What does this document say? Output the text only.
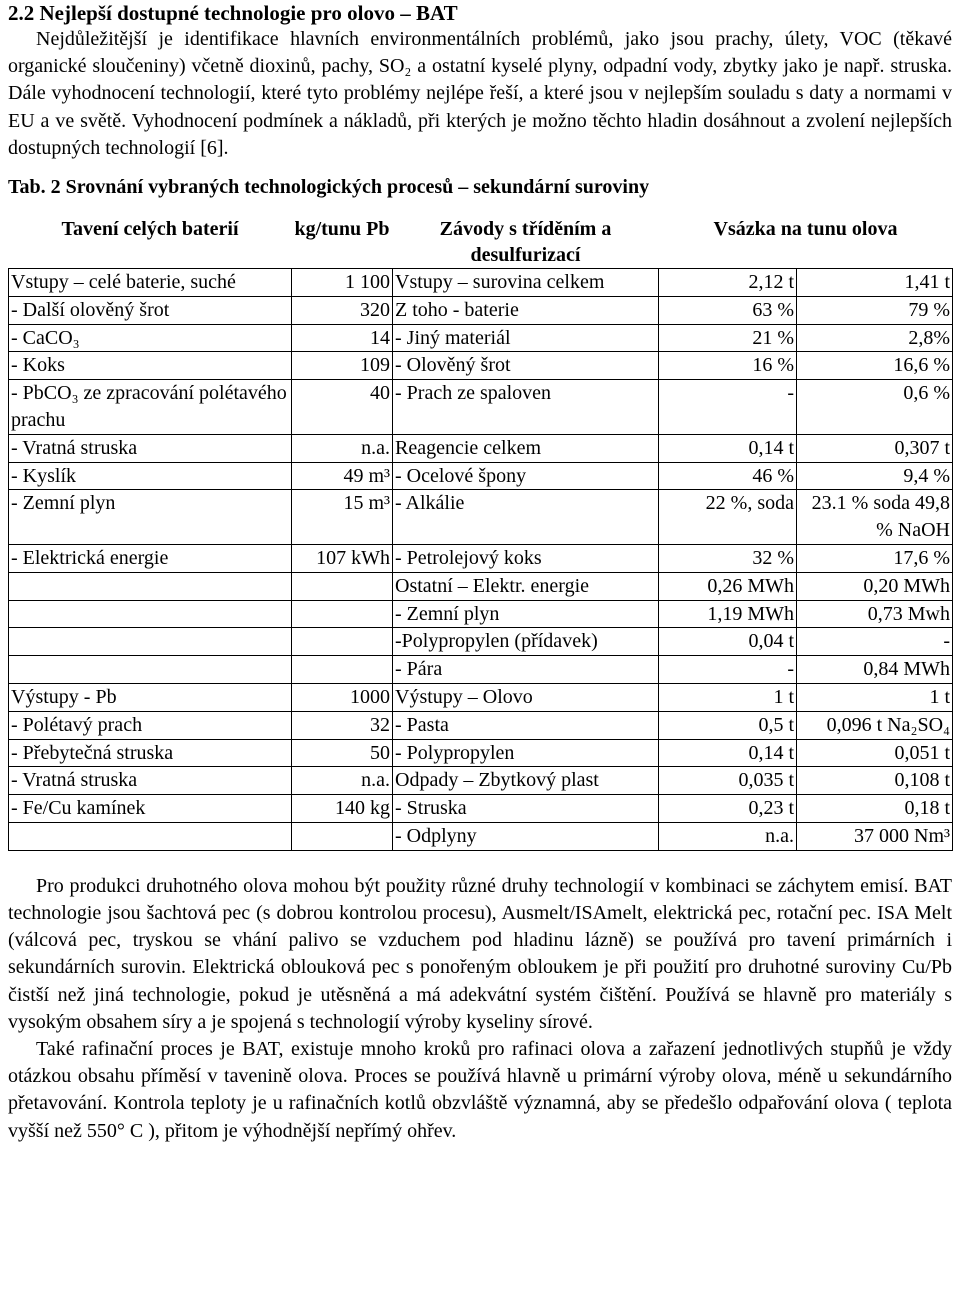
2.2 Nejlepší dostupné technologie pro olovo – BAT
Nejdůležitější je identifikace hlavních environmentálních problémů, jako jsou prachy, úlety, VOC (těkavé organické sloučeniny) včetně dioxinů, pachy, SO₂ a ostatní kyselé plyny, odpadní vody, zbytky jako je např. struska. Dále vyhodnocení technologií, které tyto problémy nejlépe řeší, a které jsou v nejlepším souladu s daty a normami v EU a ve světě. Vyhodnocení podmínek a nákladů, při kterých je možno těchto hladin dosáhnout a zvolení nejlepších dostupných technologií [6].
Tab. 2 Srovnání vybraných technologických procesů – sekundární suroviny
Tavení celých baterií	kg/tunu Pb	Závody s tříděním a desulfurizací	Vsázka na tunu olova	
Vstupy – celé baterie, suché	1 100	Vstupy – surovina celkem	2,12 t	1,41 t
- Další olověný šrot	320	Z toho - baterie	63 %	79 %
- CaCO₃	14	- Jiný materiál	21 %	2,8%
- Koks	109	- Olověný šrot	16 %	16,6 %
- PbCO₃ ze zpracování polétavého prachu	40	- Prach ze spaloven	-	0,6 %
- Vratná struska	n.a.	Reagencie celkem	0,14 t	0,307 t
- Kyslík	49 m³	- Ocelové špony	46 %	9,4 %
- Zemní plyn	15 m³	- Alkálie	22 %, soda	23.1 % soda 49,8 % NaOH
- Elektrická energie	107 kWh	- Petrolejový koks	32 %	17,6 %
		Ostatní – Elektr. energie	0,26 MWh	0,20 MWh
		- Zemní plyn	1,19 MWh	0,73 Mwh
		-Polypropylen (přídavek)	0,04 t	-
		- Pára	-	0,84 MWh
Výstupy - Pb	1000	Výstupy – Olovo	1 t	1 t
- Polétavý prach	32	- Pasta	0,5 t	0,096 t Na₂SO₄
- Přebytečná struska	50	- Polypropylen	0,14 t	0,051 t
- Vratná struska	n.a.	Odpady – Zbytkový plast	0,035 t	0,108 t
- Fe/Cu kamínek	140 kg	- Struska	0,23 t	0,18 t
		- Odplyny	n.a.	37 000 Nm³
Pro produkci druhotného olova mohou být použity různé druhy technologií v kombinaci se záchytem emisí. BAT technologie jsou šachtová pec (s dobrou kontrolou procesu), Ausmelt/ISAmelt, elektrická pec, rotační pec. ISA Melt (válcová pec, tryskou se vhání palivo se vzduchem pod hladinu lázně) se používá pro tavení primárních i sekundárních surovin. Elektrická oblouková pec s ponořeným obloukem je při použití pro druhotné suroviny Cu/Pb čistší než jiná technologie, pokud je utěsněná a má adekvátní systém čištění. Používá se hlavně pro materiály s vysokým obsahem síry a je spojená s technologií výroby kyseliny sírové.
Také rafinační proces je BAT, existuje mnoho kroků pro rafinaci olova a zařazení jednotlivých stupňů je vždy otázkou obsahu příměsí v tavenině olova. Proces se používá hlavně u primární výroby olova, méně u sekundárního přetavování. Kontrola teploty je u rafinačních kotlů obzvláště významná, aby se předešlo odpařování olova ( teplota vyšší než 550° C ), přitom je výhodnější nepřímý ohřev.
